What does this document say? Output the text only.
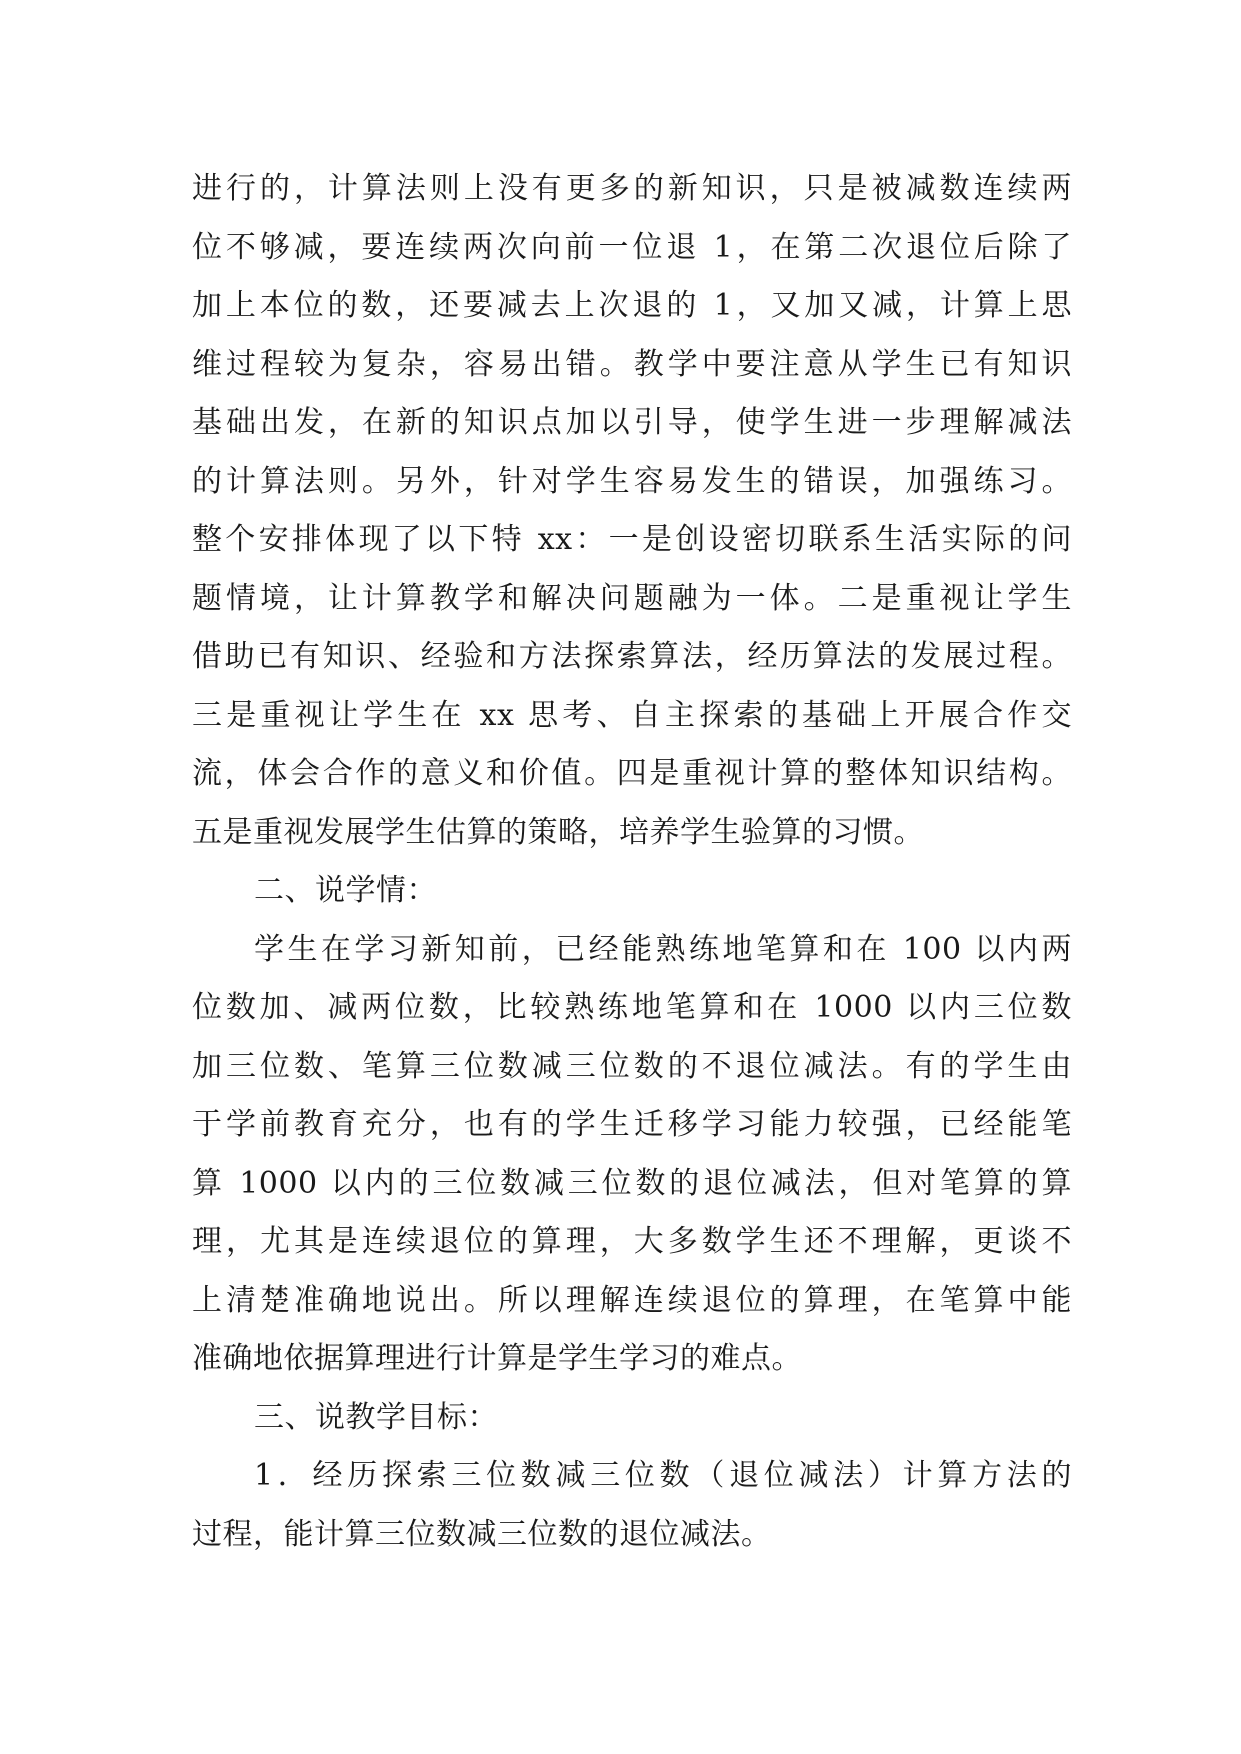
进行的，计算法则上没有更多的新知识，只是被减数连续两
位不够减，要连续两次向前一位退 1，在第二次退位后除了
加上本位的数，还要减去上次退的 1，又加又减，计算上思
维过程较为复杂，容易出错。教学中要注意从学生已有知识
基础出发，在新的知识点加以引导，使学生进一步理解减法
的计算法则。另外，针对学生容易发生的错误，加强练习。
整个安排体现了以下特 xx：一是创设密切联系生活实际的问
题情境，让计算教学和解决问题融为一体。二是重视让学生
借助已有知识、经验和方法探索算法，经历算法的发展过程。
三是重视让学生在 xx 思考、自主探索的基础上开展合作交
流，体会合作的意义和价值。四是重视计算的整体知识结构。
五是重视发展学生估算的策略，培养学生验算的习惯。
二、说学情：
学生在学习新知前，已经能熟练地笔算和在 100 以内两
位数加、减两位数，比较熟练地笔算和在 1000 以内三位数
加三位数、笔算三位数减三位数的不退位减法。有的学生由
于学前教育充分，也有的学生迁移学习能力较强，已经能笔
算 1000 以内的三位数减三位数的退位减法，但对笔算的算
理，尤其是连续退位的算理，大多数学生还不理解，更谈不
上清楚准确地说出。所以理解连续退位的算理，在笔算中能
准确地依据算理进行计算是学生学习的难点。
三、说教学目标：
1．经历探索三位数减三位数（退位减法）计算方法的
过程，能计算三位数减三位数的退位减法。
